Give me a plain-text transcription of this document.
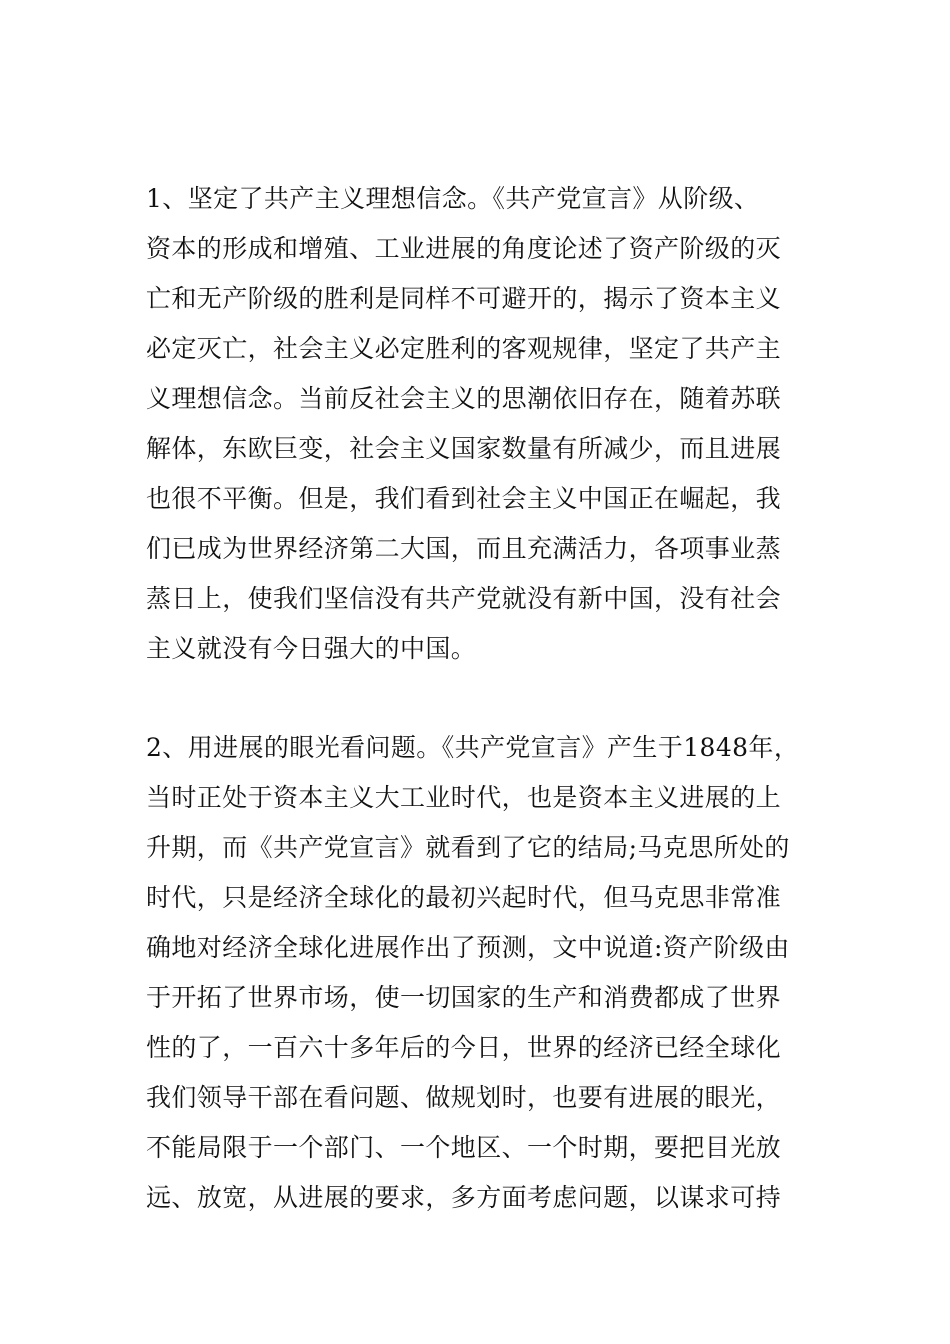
1、坚定了共产主义理想信念。《共产党宣言》从阶级、
资本的形成和增殖、工业进展的角度论述了资产阶级的灭
亡和无产阶级的胜利是同样不可避开的，揭示了资本主义
必定灭亡，社会主义必定胜利的客观规律，坚定了共产主
义理想信念。当前反社会主义的思潮依旧存在，随着苏联
解体，东欧巨变，社会主义国家数量有所减少，而且进展
也很不平衡。但是，我们看到社会主义中国正在崛起，我
们已成为世界经济第二大国，而且充满活力，各项事业蒸
蒸日上，使我们坚信没有共产党就没有新中国，没有社会
主义就没有今日强大的中国。
2、用进展的眼光看问题。《共产党宣言》产生于1848年，
当时正处于资本主义大工业时代，也是资本主义进展的上
升期，而《共产党宣言》就看到了它的结局;马克思所处的
时代，只是经济全球化的最初兴起时代，但马克思非常准
确地对经济全球化进展作出了预测，文中说道:资产阶级由
于开拓了世界市场，使一切国家的生产和消费都成了世界
性的了，一百六十多年后的今日，世界的经济已经全球化
我们领导干部在看问题、做规划时，也要有进展的眼光，
不能局限于一个部门、一个地区、一个时期，要把目光放
远、放宽，从进展的要求，多方面考虑问题，以谋求可持
